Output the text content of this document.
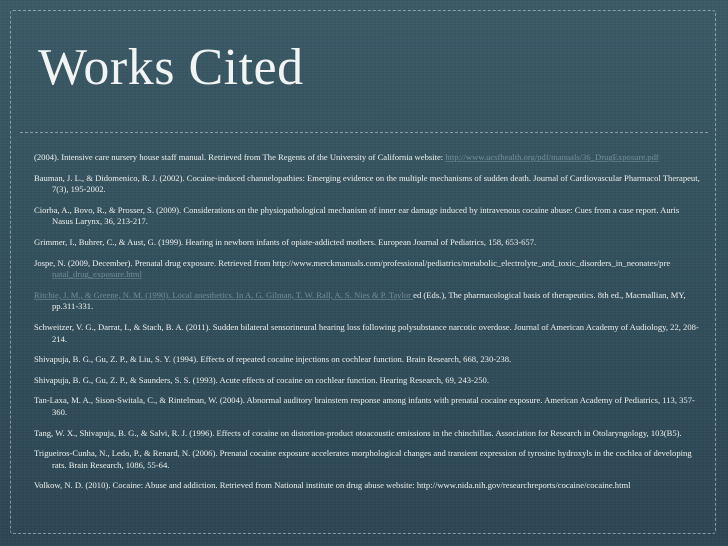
Works Cited
(2004). Intensive care nursery house staff manual. Retrieved from The Regents of the University of California website: http://www.ucsfhealth.org/pdf/manuals/36_DrugExposure.pdf
Bauman, J. L., & Didomenico, R. J. (2002). Cocaine-induced channelopathies: Emerging evidence on the multiple mechanisms of sudden death. Journal of Cardiovascular Pharmacol Therapeut, 7(3), 195-2002.
Ciorba, A., Bovo, R., & Prosser, S. (2009). Considerations on the physiopathological mechanism of inner ear damage induced by intravenous cocaine abuse: Cues from a case report. Auris Nasus Larynx, 36, 213-217.
Grimmer, I., Buhrer, C., & Aust, G. (1999). Hearing in newborn infants of opiate-addicted mothers. European Journal of Pediatrics, 158, 653-657.
Jospe, N. (2009, December). Prenatal drug exposure. Retrieved from http://www.merckmanuals.com/professional/pediatrics/metabolic_electrolyte_and_toxic_disorders_in_neonates/pre natal_drug_exposure.html
Ritchie, J. M., & Greene, N. M. (1990). Local anesthetics. In A. G. Gilman, T. W. Rall, A. S. Nies & P. Taylor ed (Eds.), The pharmacological basis of therapeutics. 8th ed., Macmallian, MY, pp.311-331.
Schweitzer, V. G., Darrat, I., & Stach, B. A. (2011). Sudden bilateral sensorineural hearing loss following polysubstance narcotic overdose. Journal of American Academy of Audiology, 22, 208-214.
Shivapuja, B. G., Gu, Z. P., & Liu, S. Y. (1994). Effects of repeated cocaine injections on cochlear function. Brain Research, 668, 230-238.
Shivapuja, B. G., Gu, Z. P., & Saunders, S. S. (1993). Acute effects of cocaine on cochlear function. Hearing Research, 69, 243-250.
Tan-Laxa, M. A., Sison-Switala, C., & Rintelman, W. (2004). Abnormal auditory brainstem response among infants with prenatal cocaine exposure. American Academy of Pediatrics, 113, 357-360.
Tang, W. X., Shivapuja, B. G., & Salvi, R. J. (1996). Effects of cocaine on distortion-product otoacoustic emissions in the chinchillas. Association for Research in Otolaryngology, 103(B5).
Trigueiros-Cunha, N., Ledo, P., & Renard, N. (2006). Prenatal cocaine exposure accelerates morphological changes and transient expression of tyrosine hydroxyls in the cochlea of developing rats. Brain Research, 1086, 55-64.
Volkow, N. D. (2010). Cocaine: Abuse and addiction. Retrieved from National institute on drug abuse website: http://www.nida.nih.gov/researchreports/cocaine/cocaine.html
